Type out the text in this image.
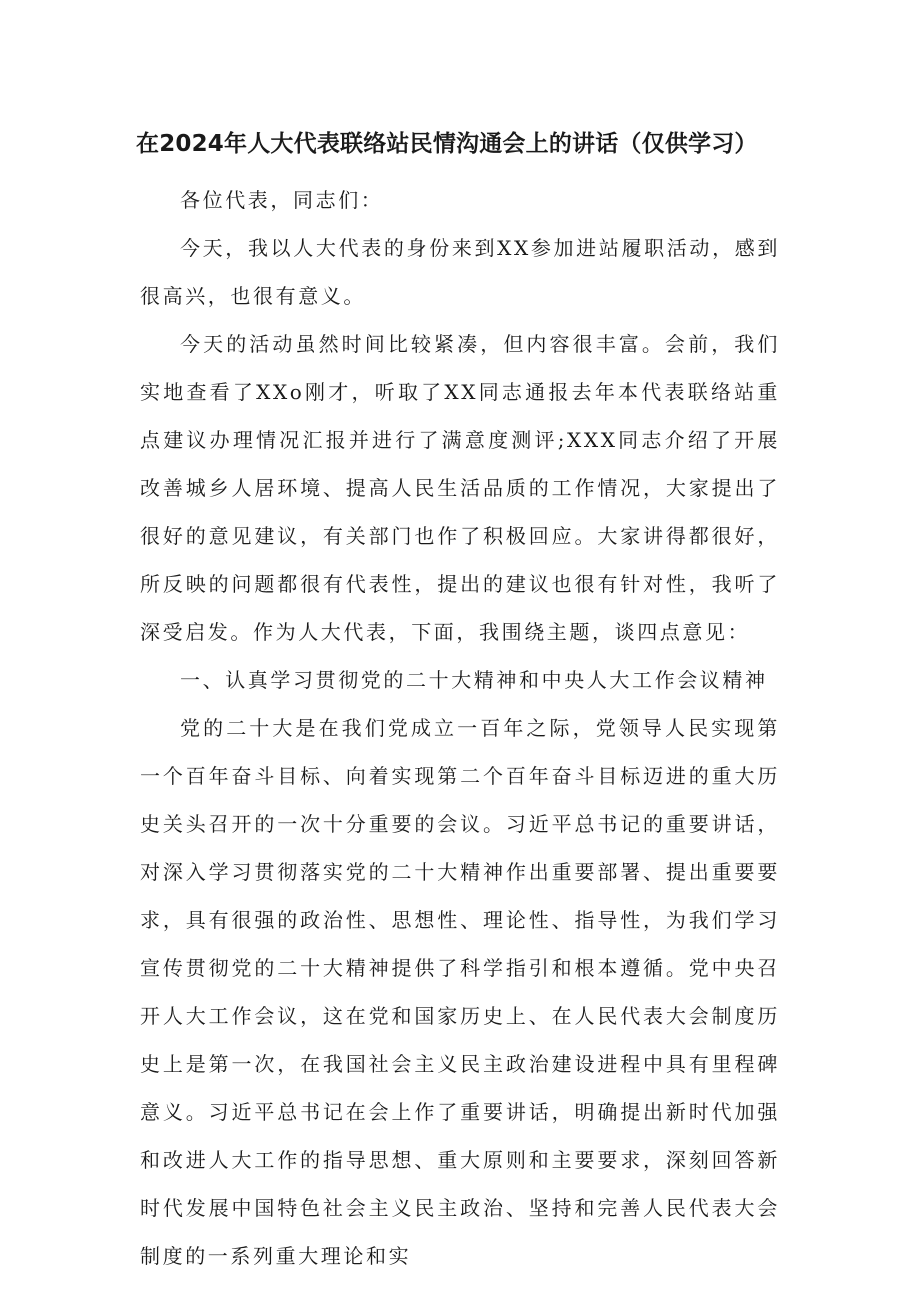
在2024年人大代表联络站民情沟通会上的讲话（仅供学习）

各位代表，同志们：

今天，我以人大代表的身份来到XX参加进站履职活动，感到很高兴，也很有意义。

今天的活动虽然时间比较紧凑，但内容很丰富。会前，我们实地查看了XXo刚才，听取了XX同志通报去年本代表联络站重点建议办理情况汇报并进行了满意度测评;XXX同志介绍了开展改善城乡人居环境、提高人民生活品质的工作情况，大家提出了很好的意见建议，有关部门也作了积极回应。大家讲得都很好，所反映的问题都很有代表性，提出的建议也很有针对性，我听了深受启发。作为人大代表，下面，我围绕主题，谈四点意见：

一、认真学习贯彻党的二十大精神和中央人大工作会议精神

党的二十大是在我们党成立一百年之际，党领导人民实现第一个百年奋斗目标、向着实现第二个百年奋斗目标迈进的重大历史关头召开的一次十分重要的会议。习近平总书记的重要讲话，对深入学习贯彻落实党的二十大精神作出重要部署、提出重要要求，具有很强的政治性、思想性、理论性、指导性，为我们学习宣传贯彻党的二十大精神提供了科学指引和根本遵循。党中央召开人大工作会议，这在党和国家历史上、在人民代表大会制度历史上是第一次，在我国社会主义民主政治建设进程中具有里程碑意义。习近平总书记在会上作了重要讲话，明确提出新时代加强和改进人大工作的指导思想、重大原则和主要要求，深刻回答新时代发展中国特色社会主义民主政治、坚持和完善人民代表大会制度的一系列重大理论和实
